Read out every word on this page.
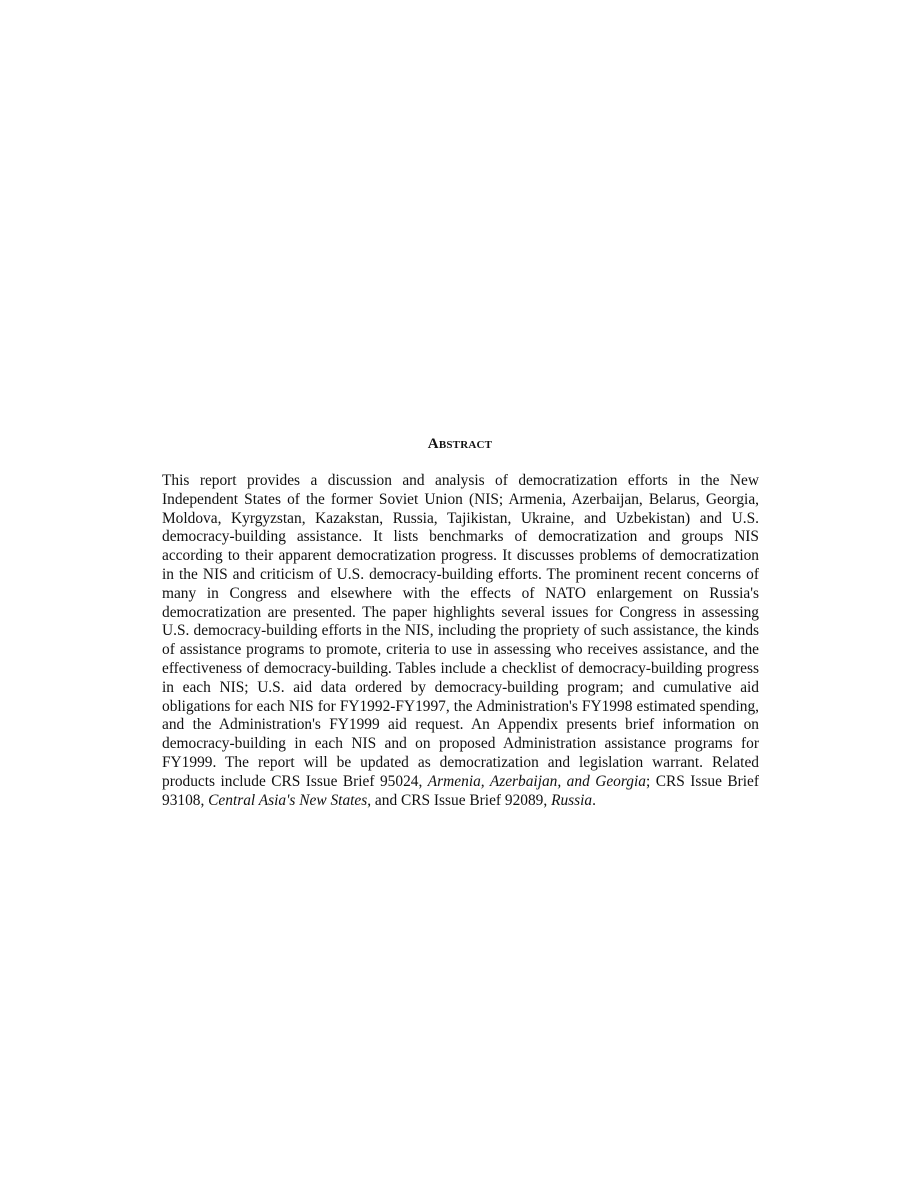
Abstract

This report provides a discussion and analysis of democratization efforts in the New Independent States of the former Soviet Union (NIS; Armenia, Azerbaijan, Belarus, Georgia, Moldova, Kyrgyzstan, Kazakstan, Russia, Tajikistan, Ukraine, and Uzbekistan) and U.S. democracy-building assistance. It lists benchmarks of democratization and groups NIS according to their apparent democratization progress. It discusses problems of democratization in the NIS and criticism of U.S. democracy-building efforts. The prominent recent concerns of many in Congress and elsewhere with the effects of NATO enlargement on Russia's democratization are presented. The paper highlights several issues for Congress in assessing U.S. democracy-building efforts in the NIS, including the propriety of such assistance, the kinds of assistance programs to promote, criteria to use in assessing who receives assistance, and the effectiveness of democracy-building. Tables include a checklist of democracy-building progress in each NIS; U.S. aid data ordered by democracy-building program; and cumulative aid obligations for each NIS for FY1992-FY1997, the Administration's FY1998 estimated spending, and the Administration's FY1999 aid request. An Appendix presents brief information on democracy-building in each NIS and on proposed Administration assistance programs for FY1999. The report will be updated as democratization and legislation warrant. Related products include CRS Issue Brief 95024, Armenia, Azerbaijan, and Georgia; CRS Issue Brief 93108, Central Asia's New States, and CRS Issue Brief 92089, Russia.
